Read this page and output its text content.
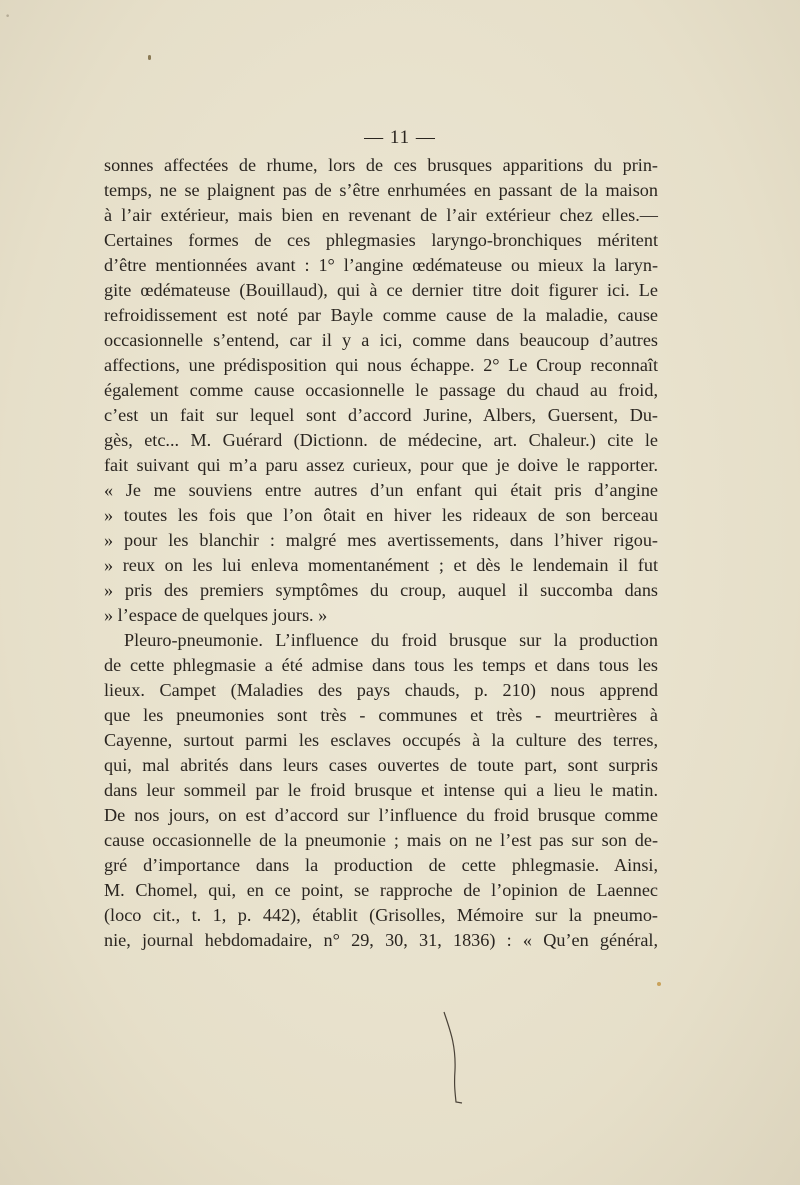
•
— 11 —
sonnes affectées de rhume, lors de ces brusques apparitions du prin-
temps, ne se plaignent pas de s’être enrhumées en passant de la maison
à l’air extérieur, mais bien en revenant de l’air extérieur chez elles.—
Certaines formes de ces phlegmasies laryngo-bronchiques méritent
d’être mentionnées avant : 1° l’angine œdémateuse ou mieux la laryn-
gite œdémateuse (Bouillaud), qui à ce dernier titre doit figurer ici. Le
refroidissement est noté par Bayle comme cause de la maladie, cause
occasionnelle s’entend, car il y a ici, comme dans beaucoup d’autres
affections, une prédisposition qui nous échappe. 2° Le Croup reconnaît
également comme cause occasionnelle le passage du chaud au froid,
c’est un fait sur lequel sont d’accord Jurine, Albers, Guersent, Du-
gès, etc... M. Guérard (Dictionn. de médecine, art. Chaleur.) cite le
fait suivant qui m’a paru assez curieux, pour que je doive le rapporter.
« Je me souviens entre autres d’un enfant qui était pris d’angine
» toutes les fois que l’on ôtait en hiver les rideaux de son berceau
» pour les blanchir : malgré mes avertissements, dans l’hiver rigou-
» reux on les lui enleva momentanément ; et dès le lendemain il fut
» pris des premiers symptômes du croup, auquel il succomba dans
» l’espace de quelques jours. »
Pleuro-pneumonie. L’influence du froid brusque sur la production
de cette phlegmasie a été admise dans tous les temps et dans tous les
lieux. Campet (Maladies des pays chauds, p. 210) nous apprend
que les pneumonies sont très - communes et très - meurtrières à
Cayenne, surtout parmi les esclaves occupés à la culture des terres,
qui, mal abrités dans leurs cases ouvertes de toute part, sont surpris
dans leur sommeil par le froid brusque et intense qui a lieu le matin.
De nos jours, on est d’accord sur l’influence du froid brusque comme
cause occasionnelle de la pneumonie ; mais on ne l’est pas sur son de-
gré d’importance dans la production de cette phlegmasie. Ainsi,
M. Chomel, qui, en ce point, se rapproche de l’opinion de Laennec
(loco cit., t. 1, p. 442), établit (Grisolles, Mémoire sur la pneumo-
nie, journal hebdomadaire, n° 29, 30, 31, 1836) : « Qu’en général,
